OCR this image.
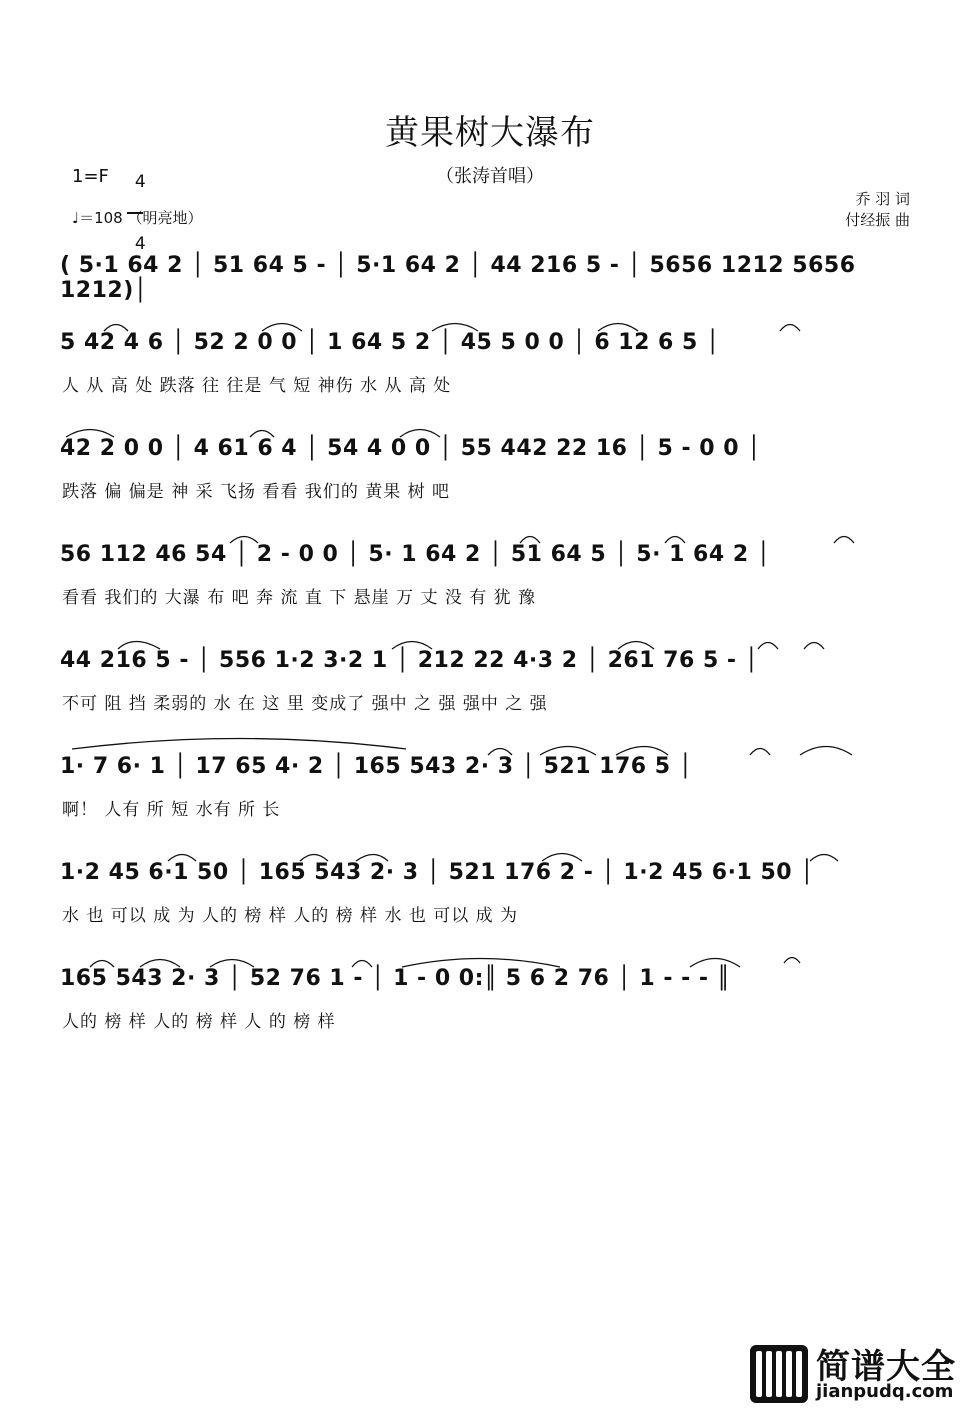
黄果树大瀑布
（张涛首唱）
1=F	4

4

♩＝108 （明亮地）
乔 羽 词
付经振 曲
( 5·1 64 2 │ 51 64 5 - │ 5·1 64 2 │ 44 216 5 - │ 5656 1212 5656 1212)│
5 42 4 6 │ 52 2 0 0 │ 1 64 5 2 │ 45 5 0 0 │ 6 12 6 5 │
人 从 高 处 跌落 往 往是 气 短 神伤 水 从 高 处
42 2 0 0 │ 4 61 6 4 │ 54 4 0 0 │ 55 442 22 16 │ 5 - 0 0 │
跌落 偏 偏是 神 采 飞扬 看看 我们的 黄果 树 吧
56 112 46 54 │ 2 - 0 0 │ 5· 1 64 2 │ 51 64 5 │ 5· 1 64 2 │
看看 我们的 大瀑 布 吧 奔 流 直 下 悬崖 万 丈 没 有 犹 豫
44 216 5 - │ 556 1·2 3·2 1 │ 212 22 4·3 2 │ 261 76 5 - │
不可 阻 挡 柔弱的 水 在 这 里 变成了 强中 之 强 强中 之 强
1· 7 6· 1 │ 17 65 4· 2 │ 165 543 2· 3 │ 521 176 5 │
啊！ 人有 所 短 水有 所 长
1·2 45 6·1 50 │ 165 543 2· 3 │ 521 176 2 - │ 1·2 45 6·1 50 │
水 也 可以 成 为 人的 榜 样 人的 榜 样 水 也 可以 成 为
165 543 2· 3 │ 52 76 1 - │ 1 - 0 0:║ 5 6 2 76 │ 1 - - - ║
人的 榜 样 人的 榜 样 人 的 榜 样

简谱大全

jianpudq.com
